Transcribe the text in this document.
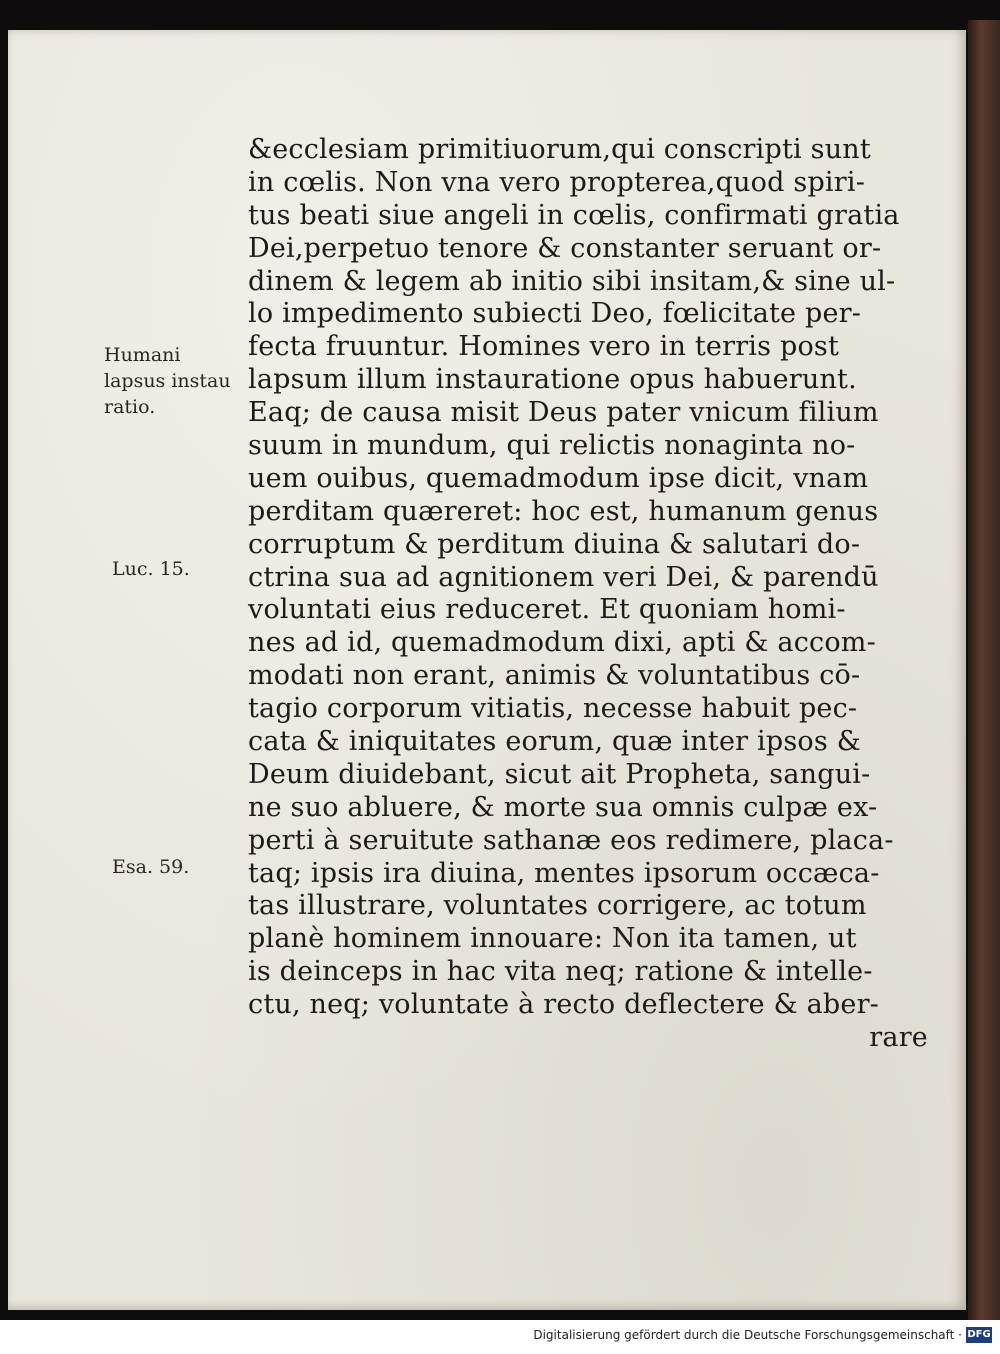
Humani
lapsus instau
ratio.
Luc. 15.
Esa. 59.
&ecclesiam primitiuorum,qui conscripti sunt
in cœlis. Non vna vero propterea,quod spiri-
tus beati siue angeli in cœlis, confirmati gratia
Dei,perpetuo tenore & constanter seruant or-
dinem & legem ab initio sibi insitam,& sine ul-
lo impedimento subiecti Deo, fœlicitate per-
fecta fruuntur. Homines vero in terris post
lapsum illum instauratione opus habuerunt.
Eaq; de causa misit Deus pater vnicum filium
suum in mundum, qui relictis nonaginta no-
uem ouibus, quemadmodum ipse dicit, vnam
perditam quæreret: hoc est, humanum genus
corruptum & perditum diuina & salutari do-
ctrina sua ad agnitionem veri Dei, & parendū
voluntati eius reduceret. Et quoniam homi-
nes ad id, quemadmodum dixi, apti & accom-
modati non erant, animis & voluntatibus cō-
tagio corporum vitiatis, necesse habuit pec-
cata & iniquitates eorum, quæ inter ipsos &
Deum diuidebant, sicut ait Propheta, sangui-
ne suo abluere, & morte sua omnis culpæ ex-
perti à seruitute sathanæ eos redimere, placa-
taq; ipsis ira diuina, mentes ipsorum occæca-
tas illustrare, voluntates corrigere, ac totum
planè hominem innouare: Non ita tamen, ut
is deinceps in hac vita neq; ratione & intelle-
ctu, neq; voluntate à recto deflectere & aber-
rare
Digitalisierung gefördert durch die Deutsche Forschungsgemeinschaft · DFG
